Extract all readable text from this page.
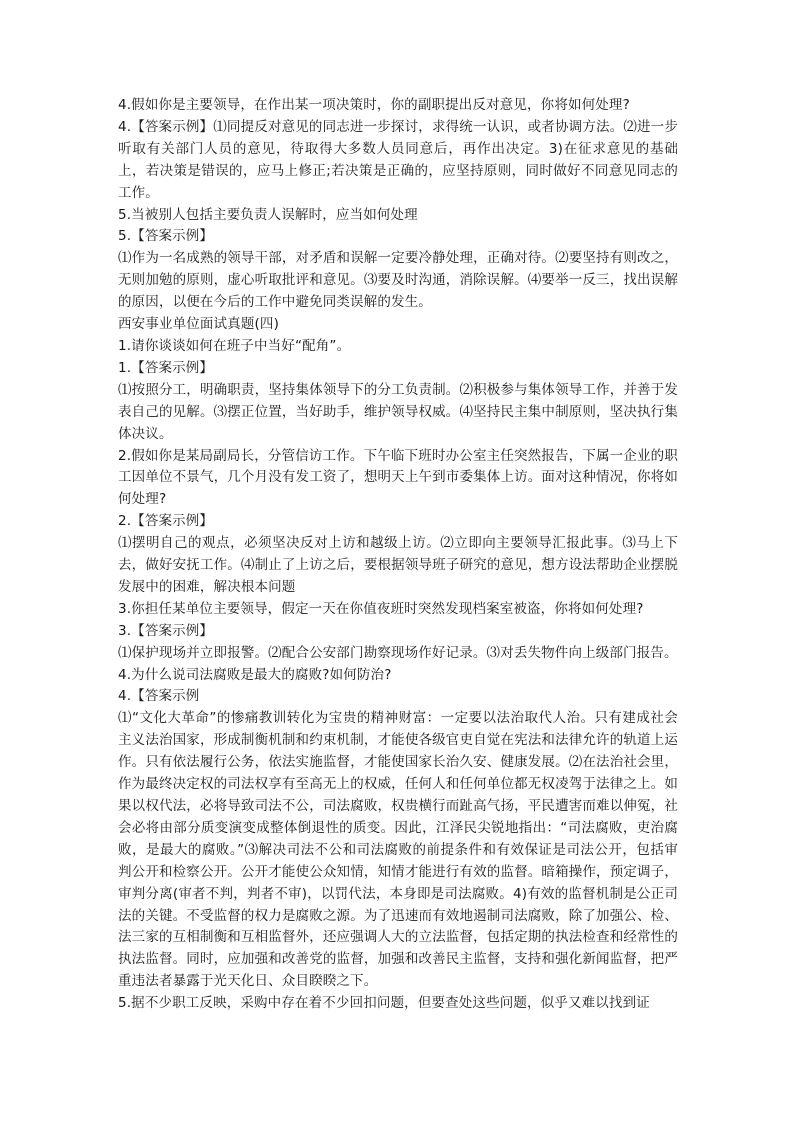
4.假如你是主要领导，在作出某一项决策时，你的副职提出反对意见，你将如何处理?

4.【答案示例】⑴同提反对意见的同志进一步探讨，求得统一认识，或者协调方法。⑵进一步听取有关部门人员的意见，待取得大多数人员同意后，再作出决定。3)在征求意见的基础上，若决策是错误的，应马上修正;若决策是正确的，应坚持原则，同时做好不同意见同志的工作。

5.当被别人包括主要负责人误解时，应当如何处理

5.【答案示例】

⑴作为一名成熟的领导干部，对矛盾和误解一定要冷静处理，正确对待。⑵要坚持有则改之，无则加勉的原则，虚心听取批评和意见。⑶要及时沟通，消除误解。⑷要举一反三，找出误解的原因，以便在今后的工作中避免同类误解的发生。

西安事业单位面试真题(四)

1.请你谈谈如何在班子中当好“配角”。

1.【答案示例】

⑴按照分工，明确职责，坚持集体领导下的分工负责制。⑵积极参与集体领导工作，并善于发表自己的见解。⑶摆正位置，当好助手，维护领导权威。⑷坚持民主集中制原则，坚决执行集体决议。

2.假如你是某局副局长，分管信访工作。下午临下班时办公室主任突然报告，下属一企业的职工因单位不景气，几个月没有发工资了，想明天上午到市委集体上访。面对这种情况，你将如何处理?

2.【答案示例】

⑴摆明自己的观点，必须坚决反对上访和越级上访。⑵立即向主要领导汇报此事。⑶马上下去，做好安抚工作。⑷制止了上访之后，要根据领导班子研究的意见，想方设法帮助企业摆脱发展中的困难，解决根本问题

3.你担任某单位主要领导，假定一天在你值夜班时突然发现档案室被盗，你将如何处理?

3.【答案示例】

⑴保护现场并立即报警。⑵配合公安部门勘察现场作好记录。⑶对丢失物件向上级部门报告。

4.为什么说司法腐败是最大的腐败?如何防治?

4.【答案示例

⑴“文化大革命”的惨痛教训转化为宝贵的精神财富：一定要以法治取代人治。只有建成社会主义法治国家，形成制衡机制和约束机制，才能使各级官吏自觉在宪法和法律允许的轨道上运作。只有依法履行公务，依法实施监督，才能使国家长治久安、健康发展。⑵在法治社会里，作为最终决定权的司法权享有至高无上的权威，任何人和任何单位都无权凌驾于法律之上。如果以权代法，必将导致司法不公，司法腐败，权贵横行而趾高气扬，平民遭害而难以伸冤，社会必将由部分质变演变成整体倒退性的质变。因此，江泽民尖锐地指出：“司法腐败，吏治腐败，是最大的腐败。”⑶解决司法不公和司法腐败的前提条件和有效保证是司法公开，包括审判公开和检察公开。公开才能使公众知情，知情才能进行有效的监督。暗箱操作，预定调子，审判分离(审者不判，判者不审)，以罚代法，本身即是司法腐败。4)有效的监督机制是公正司法的关键。不受监督的权力是腐败之源。为了迅速而有效地遏制司法腐败，除了加强公、检、法三家的互相制衡和互相监督外，还应强调人大的立法监督，包括定期的执法检查和经常性的执法监督。同时，应加强和改善党的监督，加强和改善民主监督，支持和强化新闻监督，把严重违法者暴露于光天化日、众目睽睽之下。

5.据不少职工反映，采购中存在着不少回扣问题，但要查处这些问题，似乎又难以找到证
